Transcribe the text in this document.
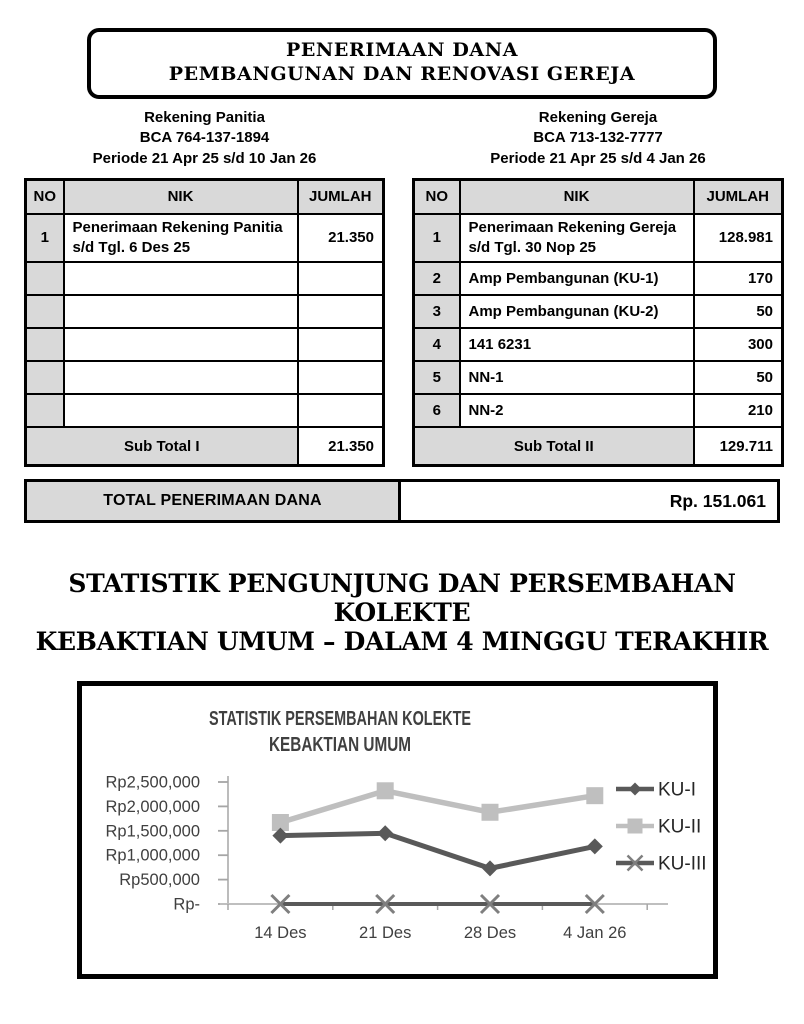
PENERIMAAN DANA
PEMBANGUNAN DAN RENOVASI GEREJA
Rekening Panitia
BCA 764-137-1894
Periode 21 Apr 25 s/d 10 Jan 26
Rekening Gereja
BCA 713-132-7777
Periode 21 Apr 25 s/d 4 Jan 26
NO	NIK	JUMLAH
1	Penerimaan Rekening Panitia s/d Tgl. 6 Des 25	21.350

Sub Total I		21.350
NO	NIK	JUMLAH
1	Penerimaan Rekening Gereja s/d Tgl. 30 Nop 25	128.981
2	Amp Pembangunan (KU-1)	170
3	Amp Pembangunan (KU-2)	50
4	141 6231	300
5	NN-1	50
6	NN-2	210
Sub Total II		129.711
TOTAL PENERIMAAN DANA	Rp. 151.061
STATISTIK PENGUNJUNG DAN PERSEMBAHAN KOLEKTE
KEBAKTIAN UMUM – DALAM 4 MINGGU TERAKHIR
STATISTIK PERSEMBAHAN KOLEKTE
KEBAKTIAN UMUM
Rp2,500,000
Rp2,000,000
Rp1,500,000
Rp1,000,000
Rp500,000
Rp-
14 Des	21 Des	28 Des	4 Jan 26
KU-I
KU-II
KU-III
